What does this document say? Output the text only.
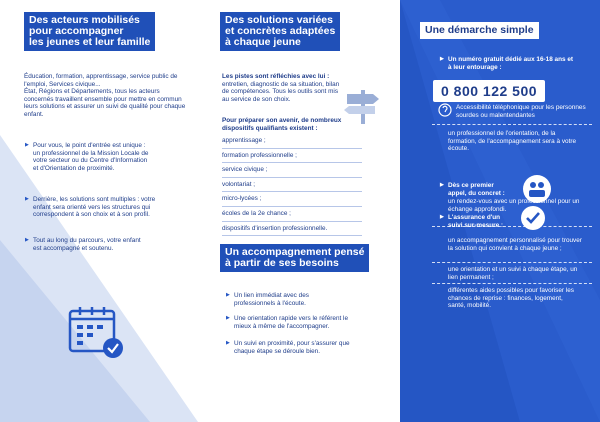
Des acteurs mobilisés
pour accompagner
les jeunes et leur famille
Éducation, formation, apprentissage, service public de l'emploi, Services civique...
État, Régions et Départements, tous les acteurs concernés travaillent ensemble pour mettre en commun leurs solutions et assurer un suivi de qualité pour chaque enfant.
▶ Pour vous, le point d'entrée est unique : un professionnel de la Mission Locale de votre secteur ou du Centre d'Information et d'Orientation de proximité.
▶ Derrière, les solutions sont multiples : votre enfant sera orienté vers les structures qui correspondent à son choix et à son profil.
▶ Tout au long du parcours, votre enfant est accompagné et soutenu.
Des solutions variées
et concrètes adaptées
à chaque jeune
Les pistes sont réfléchies avec lui :
entretien, diagnostic de sa situation, bilan de compétences. Tous les outils sont mis au service de son choix.
Pour préparer son avenir, de nombreux dispositifs qualifiants existent :
apprentissage ;
formation professionnelle ;
service civique ;
volontariat ;
micro-lycées ;
écoles de la 2e chance ;
dispositifs d'insertion professionnelle.
Un accompagnement pensé
à partir de ses besoins
▶ Un lien immédiat avec des professionnels à l'écoute.
▶ Une orientation rapide vers le référent le mieux à même de l'accompagner.
▶ Un suivi en proximité, pour s'assurer que chaque étape se déroule bien.
Une démarche simple
▶ Un numéro gratuit dédié aux 16-18 ans et à leur entourage :
0 800 122 500
Accessibilité téléphonique pour les personnes sourdes ou malentendantes
un professionnel de l'orientation, de la formation, de l'accompagnement sera à votre écoute.
▶ Dès ce premier appel, du concret :
un rendez-vous avec un professionnel pour un échange approfondi.
▶ L'assurance d'un suivi sur-mesure :
un accompagnement personnalisé pour trouver la solution qui convient à chaque jeune ;
une orientation et un suivi à chaque étape, un lien permanent ;
différentes aides possibles pour favoriser les chances de reprise : finances, logement, santé, mobilité.
